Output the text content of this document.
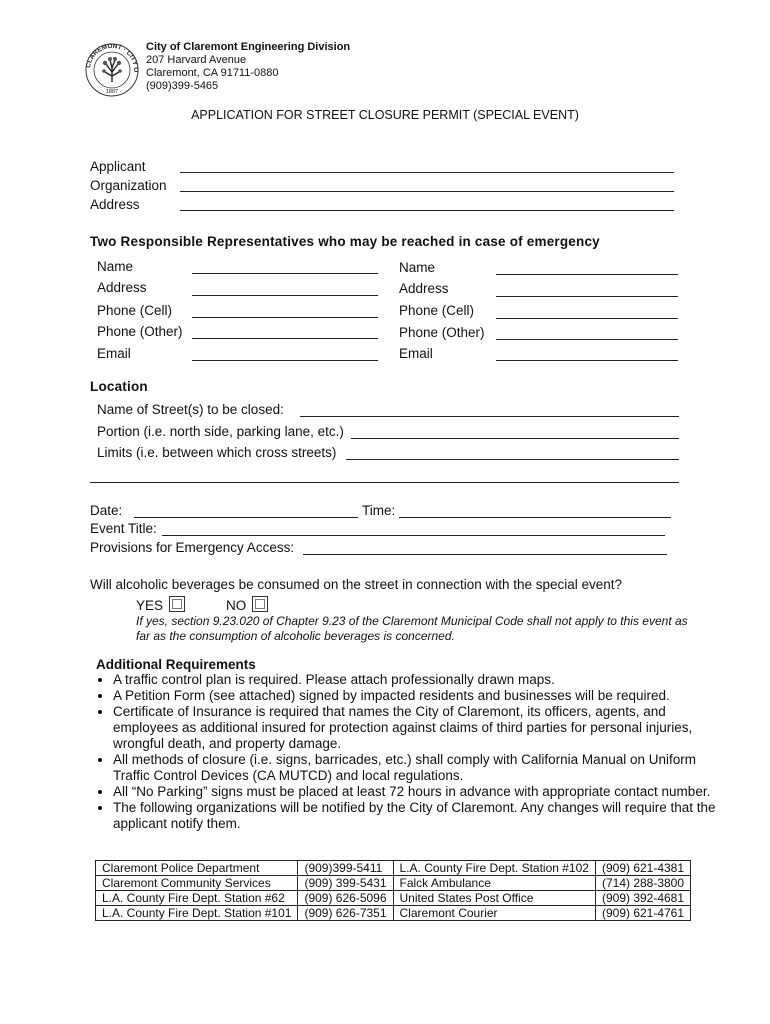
CLAREMONT · CITY O
· 1887 ·
City of Claremont Engineering Division
207 Harvard Avenue
Claremont, CA 91711-0880
(909)399-5465
APPLICATION FOR STREET CLOSURE PERMIT (SPECIAL EVENT)
Applicant
Organization
Address
Two Responsible Representatives who may be reached in case of emergency
Name
Address
Phone (Cell)
Phone (Other)
Email
Name
Address
Phone (Cell)
Phone (Other)
Email
Location
Name of Street(s) to be closed:
Portion (i.e. north side, parking lane, etc.)
Limits (i.e. between which cross streets)
Date:	Time:
Event Title:
Provisions for Emergency Access:
Will alcoholic beverages be consumed on the street in connection with the special event?
YES	NO
If yes, section 9.23.020 of Chapter 9.23 of the Claremont Municipal Code shall not apply to this event as far as the consumption of alcoholic beverages is concerned.
Additional Requirements
• A traffic control plan is required. Please attach professionally drawn maps.
• A Petition Form (see attached) signed by impacted residents and businesses will be required.
• Certificate of Insurance is required that names the City of Claremont, its officers, agents, and employees as additional insured for protection against claims of third parties for personal injuries, wrongful death, and property damage.
• All methods of closure (i.e. signs, barricades, etc.) shall comply with California Manual on Uniform Traffic Control Devices (CA MUTCD) and local regulations.
• All “No Parking” signs must be placed at least 72 hours in advance with appropriate contact number.
• The following organizations will be notified by the City of Claremont. Any changes will require that the applicant notify them.
Claremont Police Department	(909)399-5411	L.A. County Fire Dept. Station #102	(909) 621-4381
Claremont Community Services	(909) 399-5431	Falck Ambulance	(714) 288-3800
L.A. County Fire Dept. Station #62	(909) 626-5096	United States Post Office	(909) 392-4681
L.A. County Fire Dept. Station #101	(909) 626-7351	Claremont Courier	(909) 621-4761
